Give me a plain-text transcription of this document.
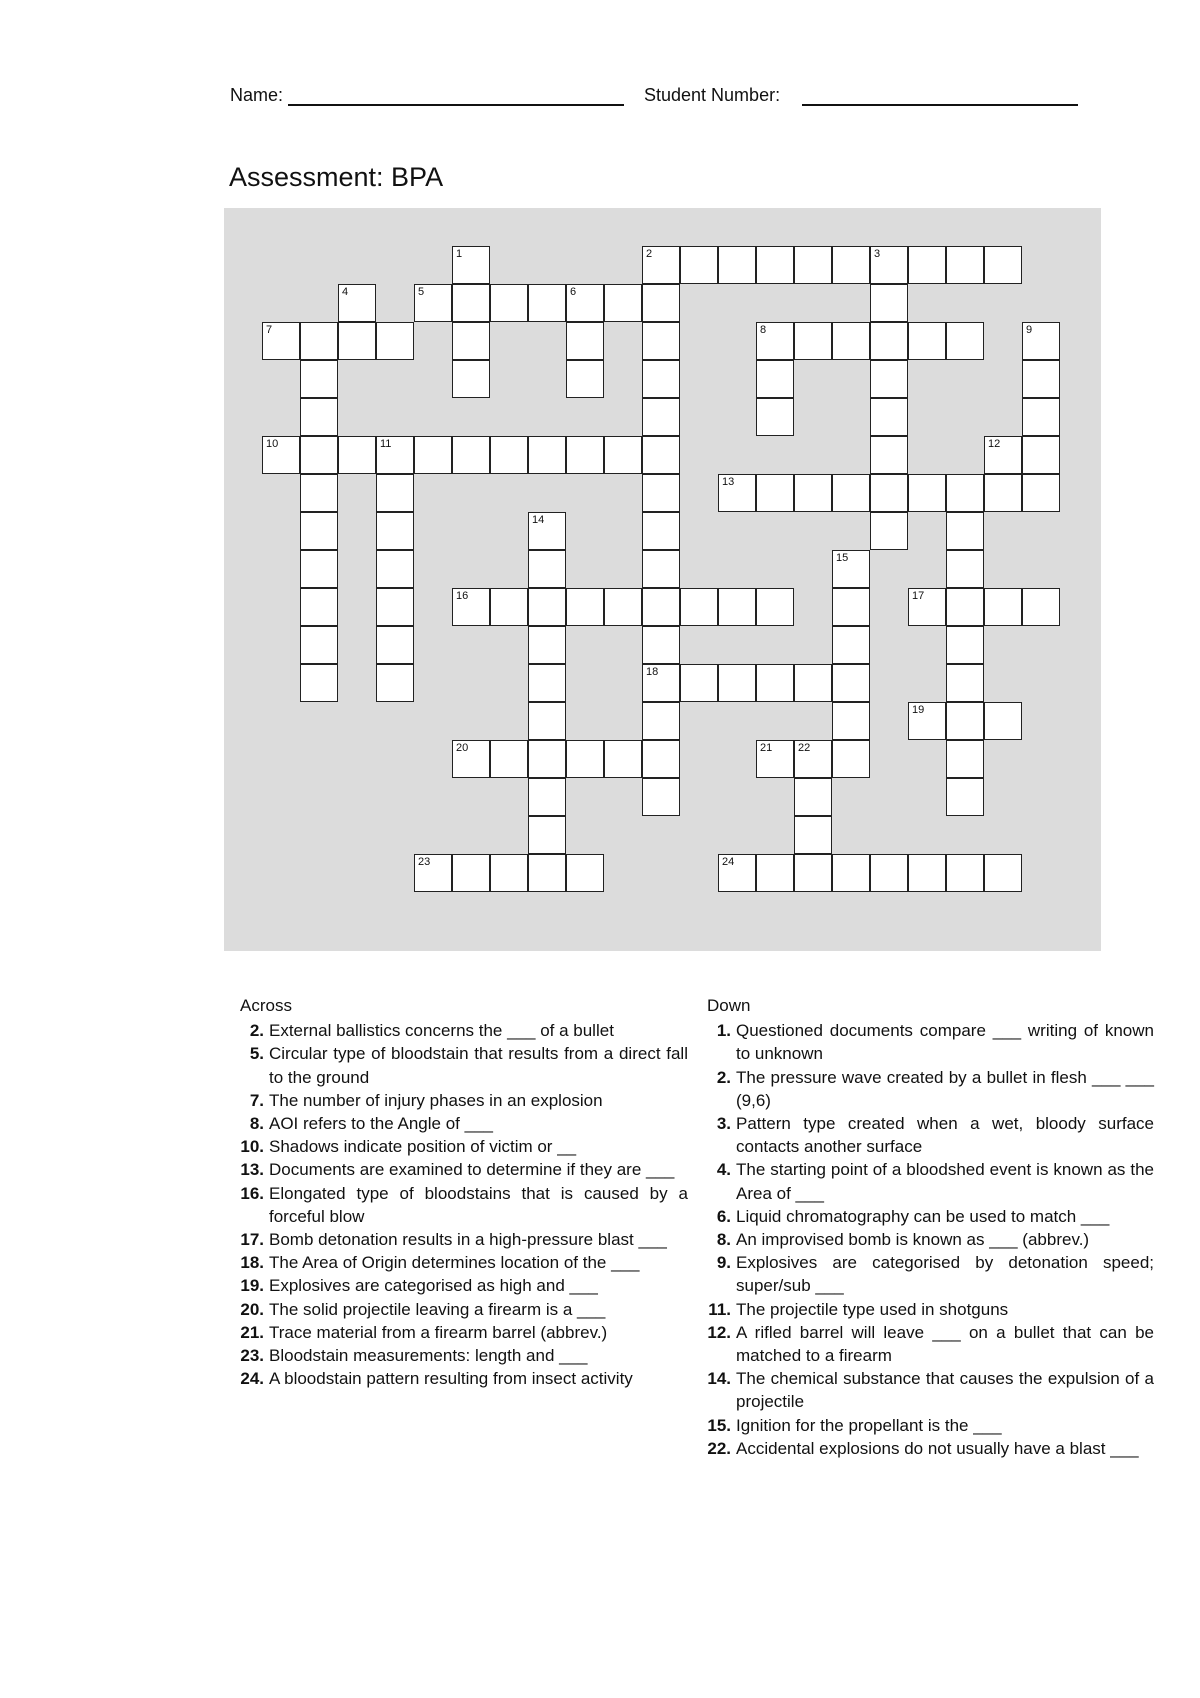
Name:	Student Number:
Assessment: BPA
1	2	3
4	5	6
7	8	9
10	11	12
13
14
15
16	17
18
19
20	21 22
23	24
Across
2. External ballistics concerns the ___ of a bullet
5. Circular type of bloodstain that results from a direct fall to the ground
7. The number of injury phases in an explosion
8. AOI refers to the Angle of ___
10. Shadows indicate position of victim or __
13. Documents are examined to determine if they are ___
16. Elongated type of bloodstains that is caused by a forceful blow
17. Bomb detonation results in a high-pressure blast ___
18. The Area of Origin determines location of the ___
19. Explosives are categorised as high and ___
20. The solid projectile leaving a firearm is a ___
21. Trace material from a firearm barrel (abbrev.)
23. Bloodstain measurements: length and ___
24. A bloodstain pattern resulting from insect activity
Down
1. Questioned documents compare ___ writing of known to unknown
2. The pressure wave created by a bullet in flesh ___ ___ (9,6)
3. Pattern type created when a wet, bloody surface contacts another surface
4. The starting point of a bloodshed event is known as the Area of ___
6. Liquid chromatography can be used to match ___
8. An improvised bomb is known as ___ (abbrev.)
9. Explosives are categorised by detonation speed; super/sub ___
11. The projectile type used in shotguns
12. A rifled barrel will leave ___ on a bullet that can be matched to a firearm
14. The chemical substance that causes the expulsion of a projectile
15. Ignition for the propellant is the ___
22. Accidental explosions do not usually have a blast ___
